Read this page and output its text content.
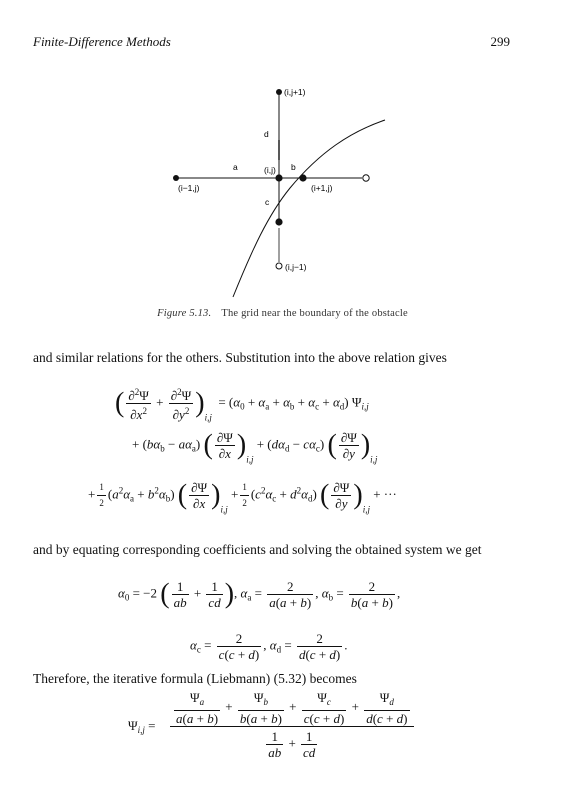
Finite-Difference Methods	299
(i,j+1)
d
a	(i,j) b
(i−1,j)	(i+1,j)
c
(i,j−1)
Figure 5.13. The grid near the boundary of the obstacle
and similar relations for the others. Substitution into the above relation gives
( $\frac{\partial^2\Psi}{\partial x^2} + \frac{\partial^2\Psi}{\partial y^2} )_{i,j} = (\alpha_0 + \alpha_a + \alpha_b + \alpha_c + \alpha_d)$ $\Psi_{i,j}$
+ $(b\alpha_b - a\alpha_a)$ ( $\frac{\partial\Psi}{\partial x} )_{i,j} + (d\alpha_d - c\alpha_c)$ ( $\frac{\partial\Psi}{\partial y} )_{i,j}$
+ $\frac{1}{2} (a^2\alpha_a + b^2\alpha_b)$ ( $\frac{\partial\Psi}{\partial x} )_{i,j} + \frac{1}{2} (c^2\alpha_c + d^2\alpha_d)$ ( $\frac{\partial\Psi}{\partial y} )_{i,j}$ + ···
and by equating corresponding coefficients and solving the obtained system we get
$\alpha_0 = -2$ ( $\frac{1}{ab} + \frac{1}{cd}$ ), $\alpha_a = \frac{2}{a(a + b)}$ , $\alpha_b = \frac{2}{b(a + b)}$ ,
$\alpha_c = \frac{2}{c(c + d)}$ , $\alpha_d = \frac{2}{d(c + d)}$ .
Therefore, the iterative formula (Liebmann) (5.32) becomes
$\Psi_{i,j} = \frac{\Psi_a}{a(a + b)} + \frac{\Psi_b}{b(a + b)} + \frac{\Psi_c}{c(c + d)} + \frac{\Psi_d}{d(c + d)}$
$\frac{1}{ab} + \frac{1}{cd}$
